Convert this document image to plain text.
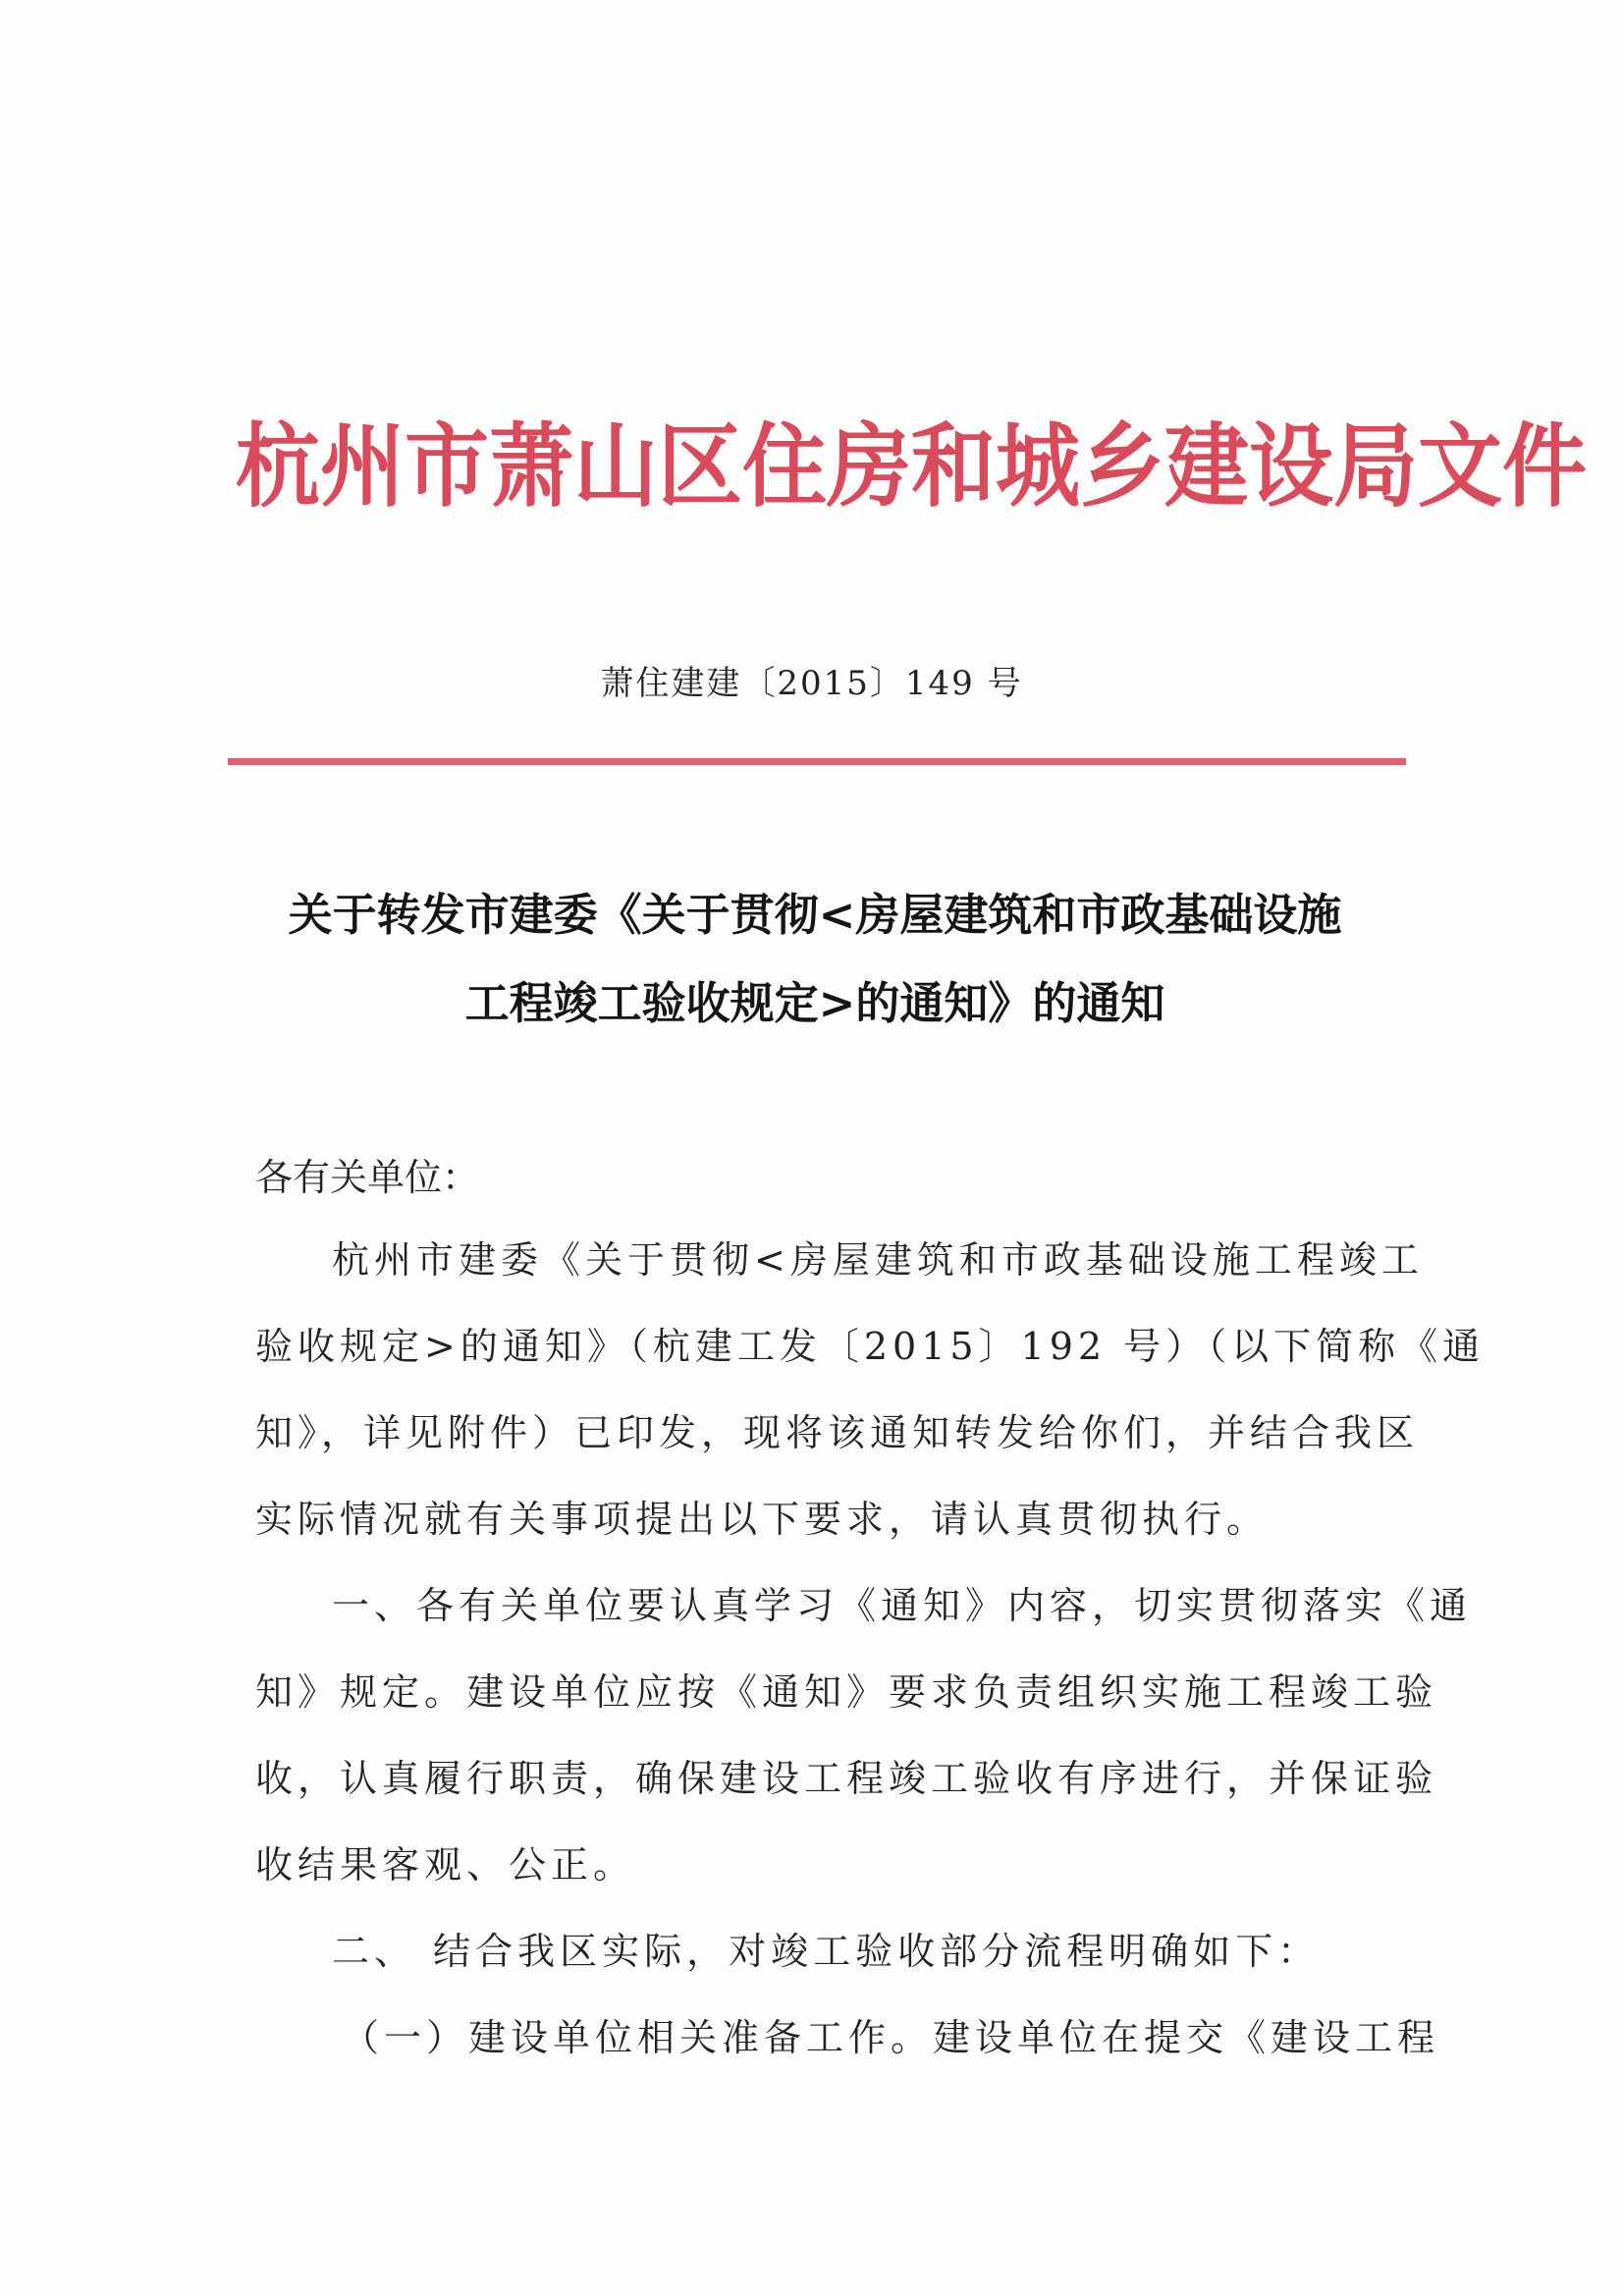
杭州市萧山区住房和城乡建设局文件
萧住建建〔2015〕149 号
关于转发市建委《关于贯彻<房屋建筑和市政基础设施
工程竣工验收规定>的通知》的通知
各有关单位：
杭州市建委《关于贯彻<房屋建筑和市政基础设施工程竣工
验收规定>的通知》（杭建工发〔2015〕192 号）（以下简称《通
知》，详见附件）已印发，现将该通知转发给你们，并结合我区
实际情况就有关事项提出以下要求，请认真贯彻执行。
一、各有关单位要认真学习《通知》内容，切实贯彻落实《通
知》规定。建设单位应按《通知》要求负责组织实施工程竣工验
收，认真履行职责，确保建设工程竣工验收有序进行，并保证验
收结果客观、公正。
二、 结合我区实际，对竣工验收部分流程明确如下：
（一）建设单位相关准备工作。建设单位在提交《建设工程
